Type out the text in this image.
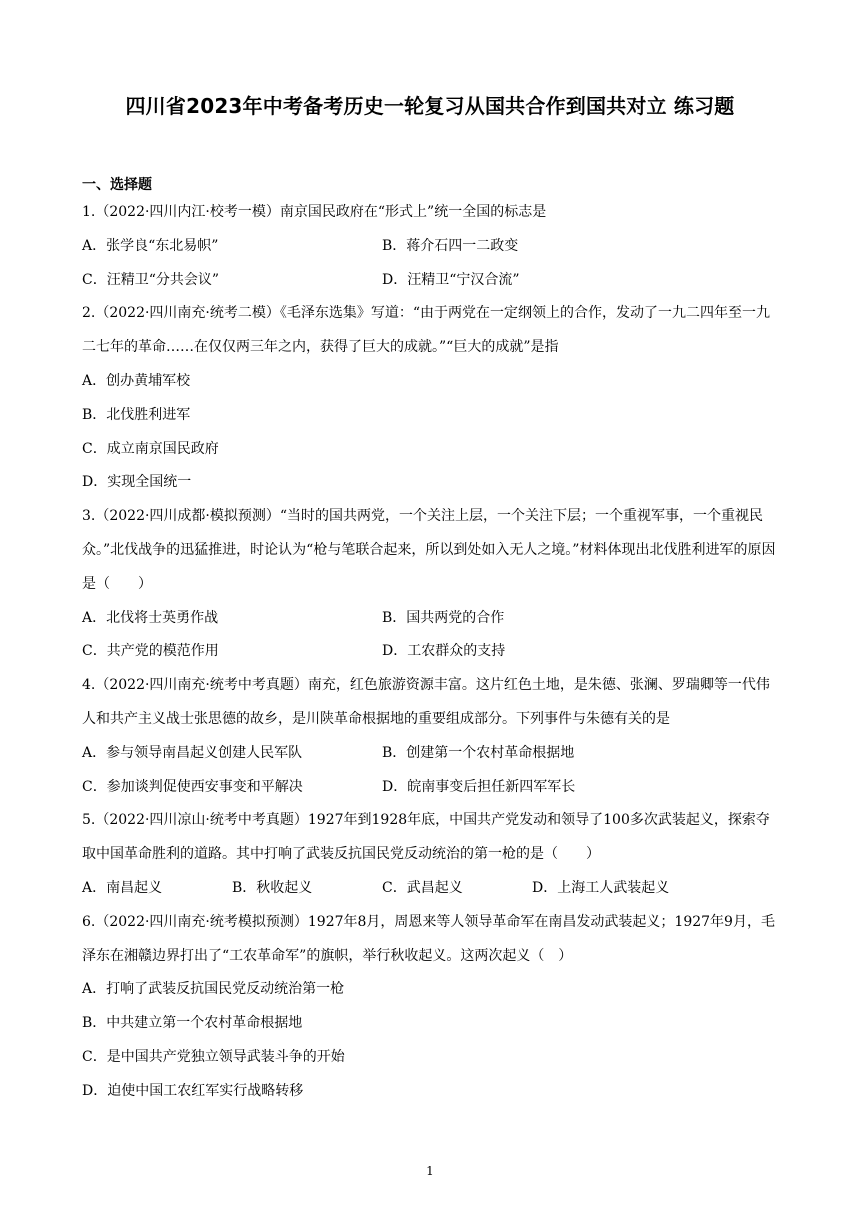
四川省2023年中考备考历史一轮复习从国共合作到国共对立 练习题
一、选择题
1.（2022·四川内江·校考一模）南京国民政府在“形式上”统一全国的标志是
A．张学良“东北易帜”	B．蒋介石四一二政变
C．汪精卫“分共会议”	D．汪精卫“宁汉合流”
2.（2022·四川南充·统考二模）《毛泽东选集》写道：“由于两党在一定纲领上的合作，发动了一九二四年至一九二七年的革命……在仅仅两三年之内，获得了巨大的成就。”“巨大的成就”是指
A．创办黄埔军校
B．北伐胜利进军
C．成立南京国民政府
D．实现全国统一
3.（2022·四川成都·模拟预测）“当时的国共两党，一个关注上层，一个关注下层；一个重视军事，一个重视民众。”北伐战争的迅猛推进，时论认为“枪与笔联合起来，所以到处如入无人之境。”材料体现出北伐胜利进军的原因是（　　）
A．北伐将士英勇作战	B．国共两党的合作
C．共产党的模范作用	D．工农群众的支持
4.（2022·四川南充·统考中考真题）南充，红色旅游资源丰富。这片红色土地，是朱德、张澜、罗瑞卿等一代伟人和共产主义战士张思德的故乡，是川陕革命根据地的重要组成部分。下列事件与朱德有关的是
A．参与领导南昌起义创建人民军队	B．创建第一个农村革命根据地
C．参加谈判促使西安事变和平解决	D．皖南事变后担任新四军军长
5.（2022·四川凉山·统考中考真题）1927年到1928年底，中国共产党发动和领导了100多次武装起义，探索夺取中国革命胜利的道路。其中打响了武装反抗国民党反动统治的第一枪的是（　　）
A．南昌起义	B．秋收起义	C．武昌起义	D．上海工人武装起义
6.（2022·四川南充·统考模拟预测）1927年8月，周恩来等人领导革命军在南昌发动武装起义；1927年9月，毛泽东在湘赣边界打出了“工农革命军”的旗帜，举行秋收起义。这两次起义（　）
A．打响了武装反抗国民党反动统治第一枪
B．中共建立第一个农村革命根据地
C．是中国共产党独立领导武装斗争的开始
D．迫使中国工农红军实行战略转移
1
